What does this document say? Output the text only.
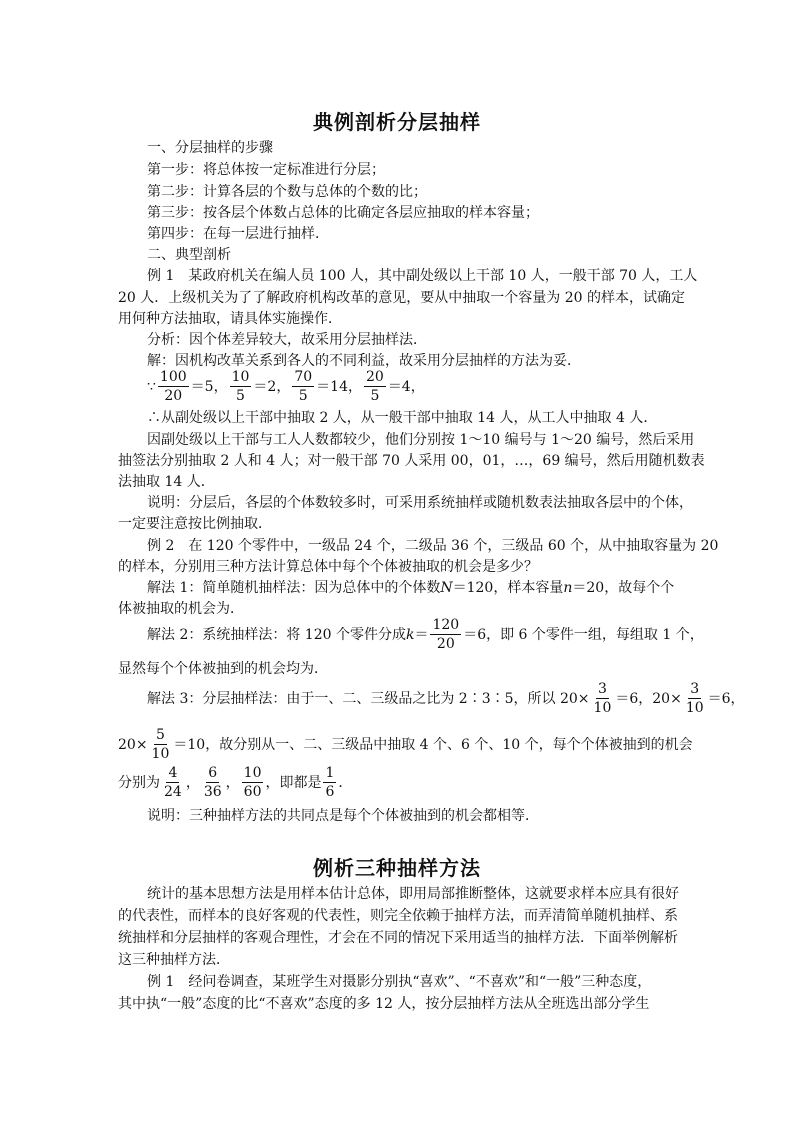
典例剖析分层抽样
一、分层抽样的步骤
第一步：将总体按一定标准进行分层；
第二步：计算各层的个数与总体的个数的比；
第三步：按各层个体数占总体的比确定各层应抽取的样本容量；
第四步：在每一层进行抽样．
二、典型剖析
例 1　某政府机关在编人员 100 人，其中副处级以上干部 10 人，一般干部 70 人，工人
20 人．上级机关为了了解政府机构改革的意见，要从中抽取一个容量为 20 的样本，试确定
用何种方法抽取，请具体实施操作．
分析：因个体差异较大，故采用分层抽样法．
解：因机构改革关系到各人的不同利益，故采用分层抽样的方法为妥．
∵ $\frac{100}{20} =5$， $\frac{10}{5} =2$， $\frac{70}{5} =14$， $\frac{20}{5} =4$，
∴从副处级以上干部中抽取 2 人，从一般干部中抽取 14 人，从工人中抽取 4 人．
因副处级以上干部与工人人数都较少，他们分别按 1～10 编号与 1～20 编号，然后采用
抽签法分别抽取 2 人和 4 人；对一般干部 70 人采用 00，01，…，69 编号，然后用随机数表
法抽取 14 人．
说明：分层后，各层的个体数较多时，可采用系统抽样或随机数表法抽取各层中的个体，
一定要注意按比例抽取．
例 2　在 120 个零件中，一级品 24 个，二级品 36 个，三级品 60 个，从中抽取容量为 20
的样本，分别用三种方法计算总体中每个个体被抽取的机会是多少？
解法 1：简单随机抽样法：因为总体中的个体数N＝120，样本容量n＝20，故每个个
体被抽取的机会为．
解法 2：系统抽样法：将 120 个零件分成 $k = \frac{120}{20} =6$，即 6 个零件一组，每组取 1 个，
显然每个个体被抽到的机会均为．
解法 3：分层抽样法：由于一、二、三级品之比为 2∶3∶5，所以 $20\times \frac{3}{10} =6$，$20\times \frac{3}{10} =6$，
$20\times \frac{5}{10} =10$，故分别从一、二、三级品中抽取 4 个、6 个、10 个，每个个体被抽到的机会
分别为 $\frac{4}{24}$ ， $\frac{6}{36}$ ， $\frac{10}{60}$ ，即都是 $\frac{1}{6}$ ．
说明：三种抽样方法的共同点是每个个体被抽到的机会都相等．
例析三种抽样方法
统计的基本思想方法是用样本估计总体，即用局部推断整体，这就要求样本应具有很好
的代表性，而样本的良好客观的代表性，则完全依赖于抽样方法，而弄清简单随机抽样、系
统抽样和分层抽样的客观合理性，才会在不同的情况下采用适当的抽样方法．下面举例解析
这三种抽样方法．
例 1　经问卷调查，某班学生对摄影分别执“喜欢”、“不喜欢”和“一般”三种态度，
其中执“一般”态度的比“不喜欢”态度的多 12 人，按分层抽样方法从全班选出部分学生
